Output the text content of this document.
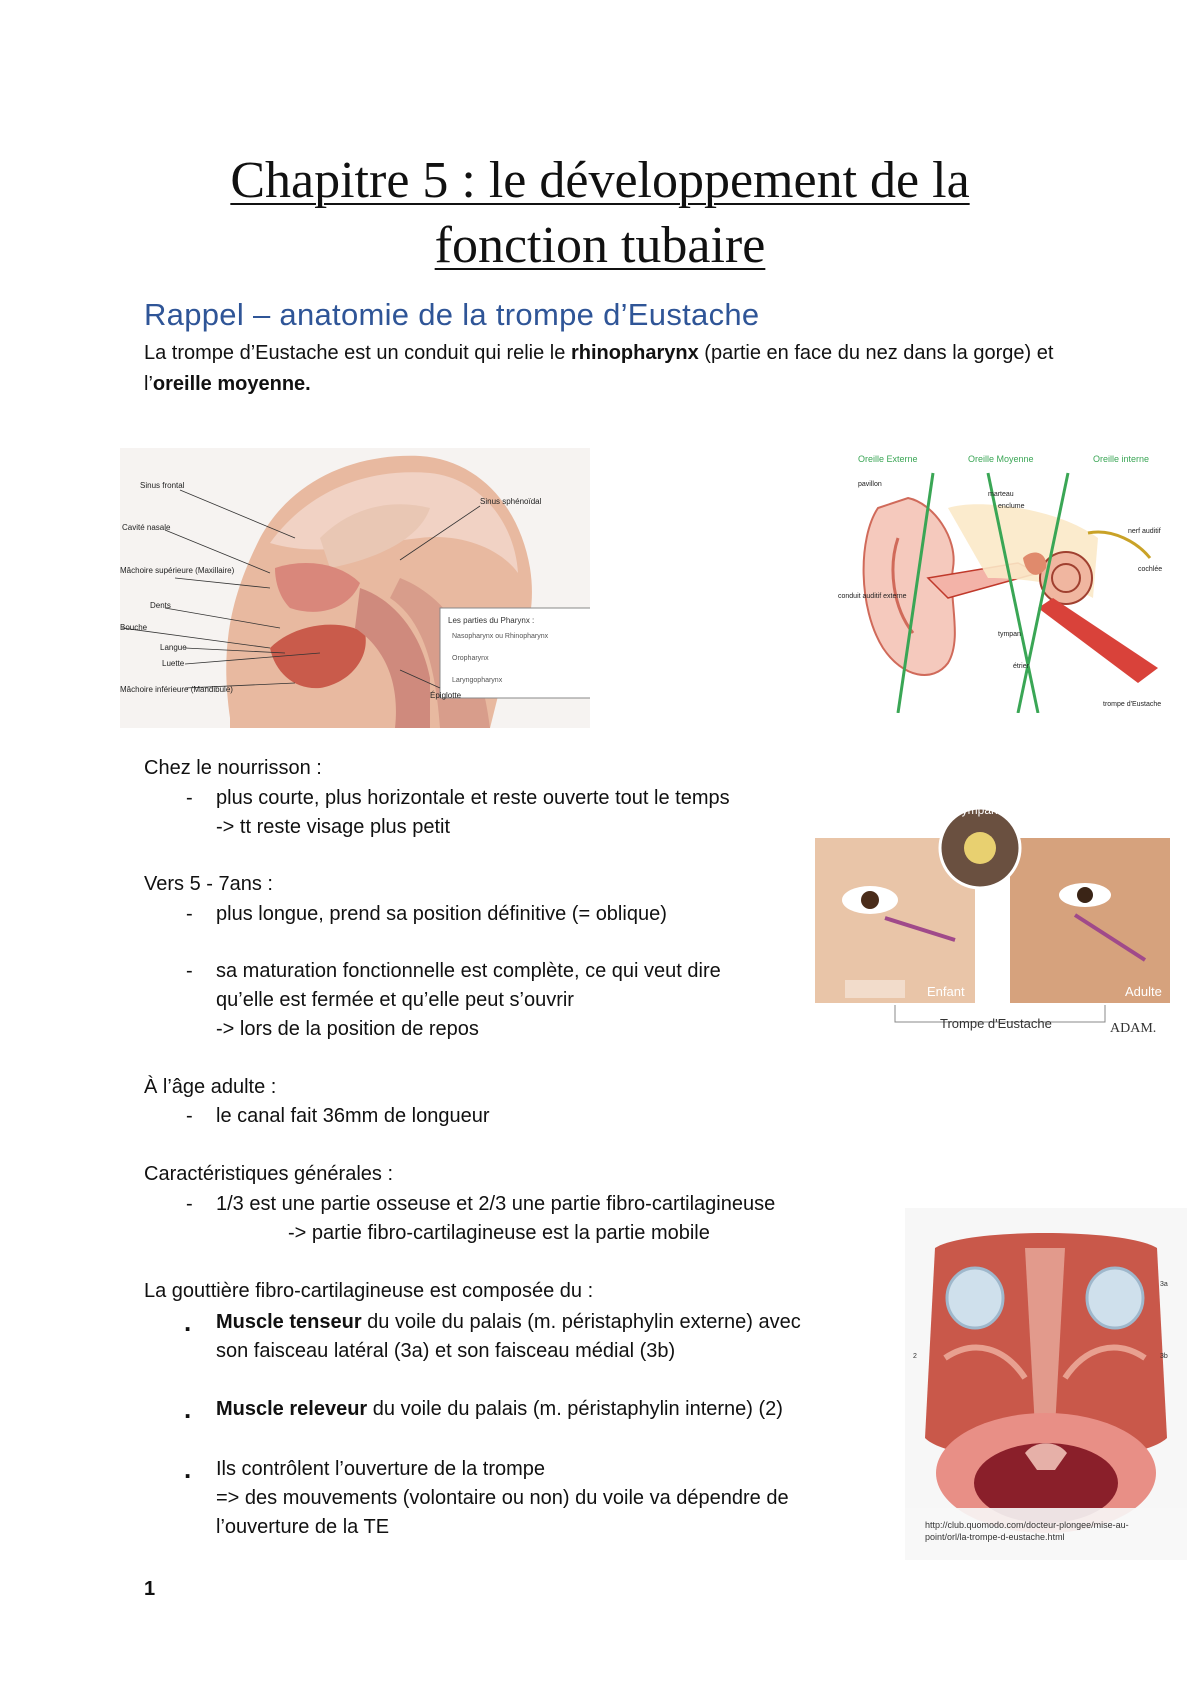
Chapitre 5 : le développement de la
fonction tubaire
Rappel – anatomie de la trompe d’Eustache

La trompe d’Eustache est un conduit qui relie le rhinopharynx (partie en face du nez dans la gorge) et l’oreille moyenne.

Les parties du Pharynx :
Nasopharynx ou Rhinopharynx
Oropharynx
Laryngopharynx
Sinus frontal
Cavité nasale
Mâchoire supérieure (Maxillaire)
Dents
Bouche
Langue
Luette
Mâchoire inférieure (Mandibule)
Sinus sphénoïdal
Épiglotte
Oreille Externe	Oreille Moyenne	Oreille interne
pavillon
marteau
enclume
nerf auditif
cochlée
conduit auditif externe
tympan
étrier
trompe d'Eustache
Tympan
Enfant	Adulte
Trompe d'Eustache	ADAM.
3a
2	3b
http://club.quomodo.com/docteur-plongee/mise-au- point/orl/la-trompe-d-eustache.html
Chez le nourrisson :
- plus courte, plus horizontale et reste ouverte tout le temps
-> tt reste visage plus petit
Vers 5 - 7ans :
- plus longue, prend sa position définitive (= oblique)
- sa maturation fonctionnelle est complète, ce qui veut dire
qu’elle est fermée et qu’elle peut s’ouvrir
-> lors de la position de repos
À l’âge adulte :
- le canal fait 36mm de longueur
Caractéristiques générales :
- 1/3 est une partie osseuse et 2/3 une partie fibro-cartilagineuse
-> partie fibro-cartilagineuse est la partie mobile
La gouttière fibro-cartilagineuse est composée du :
. Muscle tenseur du voile du palais (m. péristaphylin externe) avec
son faisceau latéral (3a) et son faisceau médial (3b)
. Muscle releveur du voile du palais (m. péristaphylin interne) (2)
. Ils contrôlent l’ouverture de la trompe
=> des mouvements (volontaire ou non) du voile va dépendre de
l’ouverture de la TE
1
